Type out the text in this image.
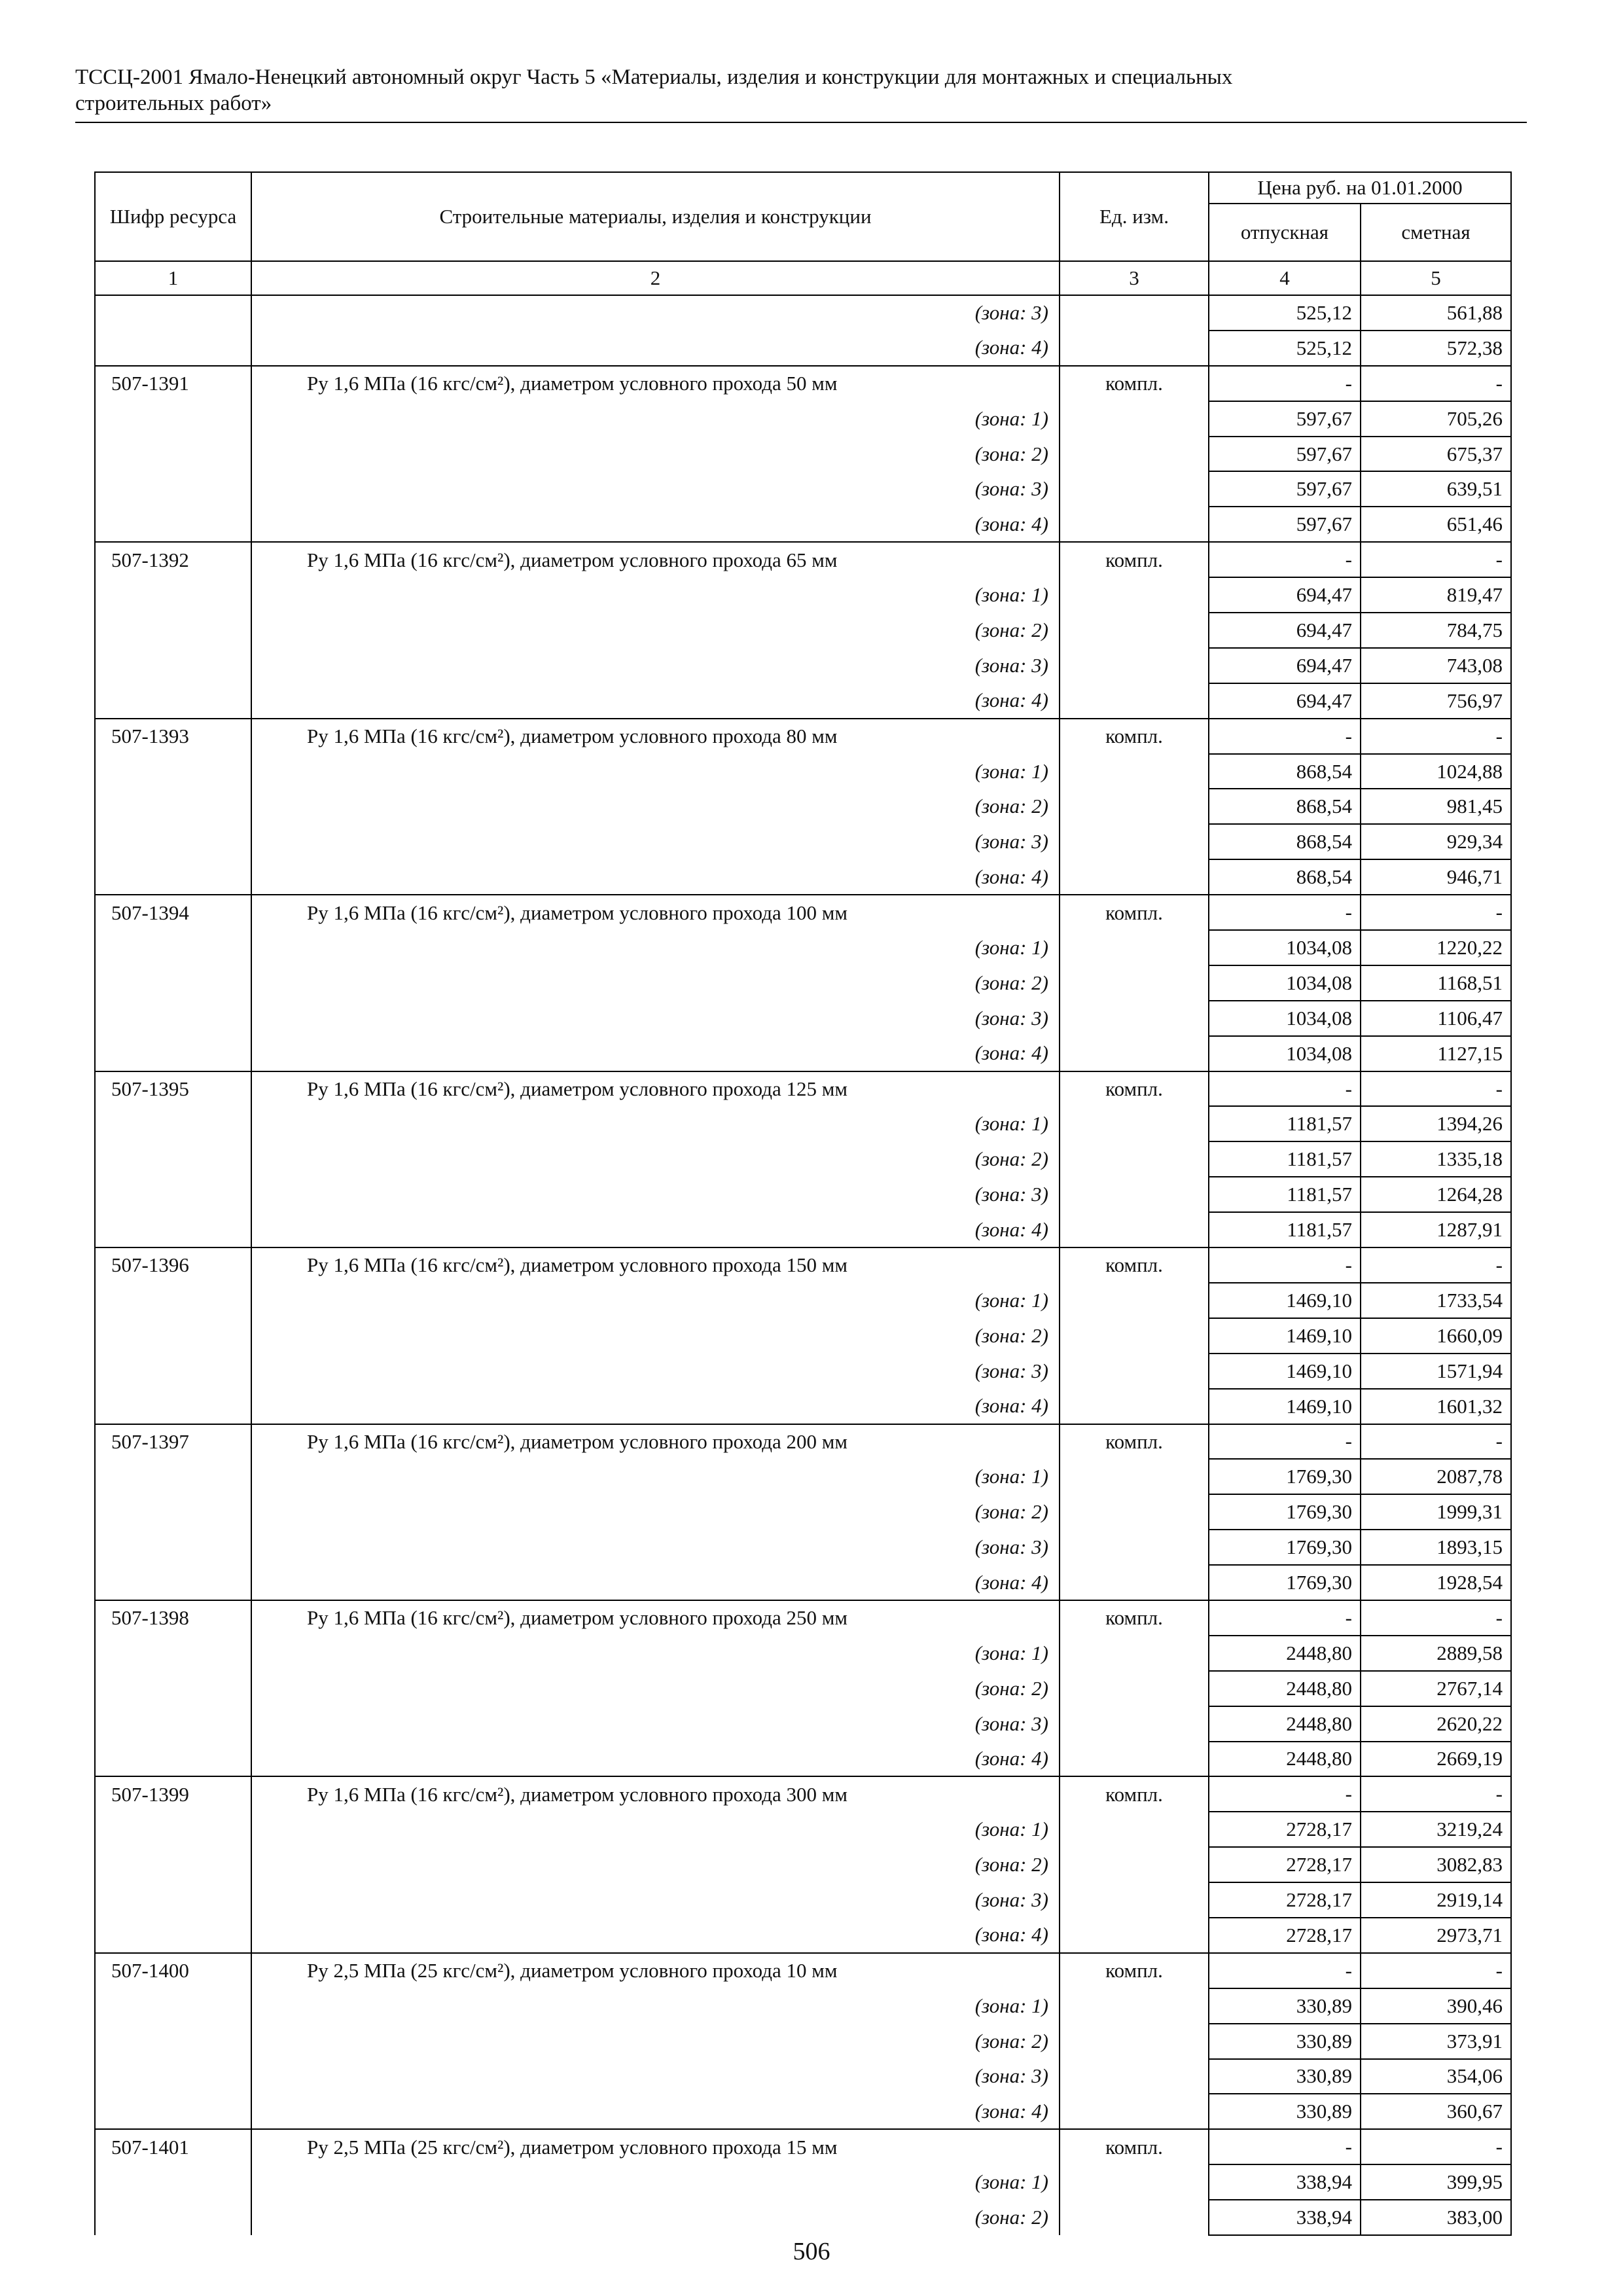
ТССЦ-2001 Ямало-Ненецкий автономный округ Часть 5 «Материалы, изделия и конструкции для монтажных и специальных
строительных работ»
Шифр ресурса	Строительные материалы, изделия и конструкции	Ед. изм.	Цена руб. на 01.01.2000	
			отпускная	сметная
1	2	3	4	5
	(зона: 3)		525,12	561,88
	(зона: 4)		525,12	572,38
507-1391	Ру 1,6 МПа (16 кгс/см²), диаметром условного прохода 50 мм	компл.	-	-
	(зона: 1)		597,67	705,26
	(зона: 2)		597,67	675,37
	(зона: 3)		597,67	639,51
	(зона: 4)		597,67	651,46
507-1392	Ру 1,6 МПа (16 кгс/см²), диаметром условного прохода 65 мм	компл.	-	-
	(зона: 1)		694,47	819,47
	(зона: 2)		694,47	784,75
	(зона: 3)		694,47	743,08
	(зона: 4)		694,47	756,97
507-1393	Ру 1,6 МПа (16 кгс/см²), диаметром условного прохода 80 мм	компл.	-	-
	(зона: 1)		868,54	1024,88
	(зона: 2)		868,54	981,45
	(зона: 3)		868,54	929,34
	(зона: 4)		868,54	946,71
507-1394	Ру 1,6 МПа (16 кгс/см²), диаметром условного прохода 100 мм	компл.	-	-
	(зона: 1)		1034,08	1220,22
	(зона: 2)		1034,08	1168,51
	(зона: 3)		1034,08	1106,47
	(зона: 4)		1034,08	1127,15
507-1395	Ру 1,6 МПа (16 кгс/см²), диаметром условного прохода 125 мм	компл.	-	-
	(зона: 1)		1181,57	1394,26
	(зона: 2)		1181,57	1335,18
	(зона: 3)		1181,57	1264,28
	(зона: 4)		1181,57	1287,91
507-1396	Ру 1,6 МПа (16 кгс/см²), диаметром условного прохода 150 мм	компл.	-	-
	(зона: 1)		1469,10	1733,54
	(зона: 2)		1469,10	1660,09
	(зона: 3)		1469,10	1571,94
	(зона: 4)		1469,10	1601,32
507-1397	Ру 1,6 МПа (16 кгс/см²), диаметром условного прохода 200 мм	компл.	-	-
	(зона: 1)		1769,30	2087,78
	(зона: 2)		1769,30	1999,31
	(зона: 3)		1769,30	1893,15
	(зона: 4)		1769,30	1928,54
507-1398	Ру 1,6 МПа (16 кгс/см²), диаметром условного прохода 250 мм	компл.	-	-
	(зона: 1)		2448,80	2889,58
	(зона: 2)		2448,80	2767,14
	(зона: 3)		2448,80	2620,22
	(зона: 4)		2448,80	2669,19
507-1399	Ру 1,6 МПа (16 кгс/см²), диаметром условного прохода 300 мм	компл.	-	-
	(зона: 1)		2728,17	3219,24
	(зона: 2)		2728,17	3082,83
	(зона: 3)		2728,17	2919,14
	(зона: 4)		2728,17	2973,71
507-1400	Ру 2,5 МПа (25 кгс/см²), диаметром условного прохода 10 мм	компл.	-	-
	(зона: 1)		330,89	390,46
	(зона: 2)		330,89	373,91
	(зона: 3)		330,89	354,06
	(зона: 4)		330,89	360,67
507-1401	Ру 2,5 МПа (25 кгс/см²), диаметром условного прохода 15 мм	компл.	-	-
	(зона: 1)		338,94	399,95
	(зона: 2)		338,94	383,00
506
